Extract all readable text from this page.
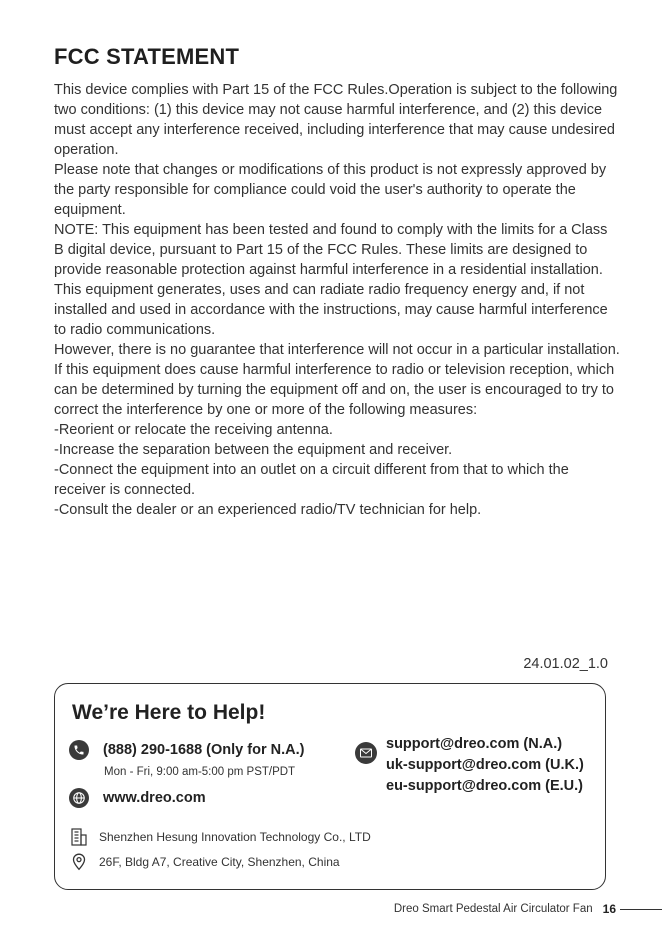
FCC STATEMENT

This device complies with Part 15 of the FCC Rules.Operation is subject to the following two conditions: (1) this device may not cause harmful interference, and (2) this device must accept any interference received, including interference that may cause undesired operation.

Please note that changes or modifications of this product is not expressly approved by the party responsible for compliance could void the user's authority to operate the equipment.

NOTE: This equipment has been tested and found to comply with the limits for a Class B digital device, pursuant to Part 15 of the FCC Rules. These limits are designed to provide reasonable protection against harmful interference in a residential installation. This equipment generates, uses and can radiate radio frequency energy and, if not installed and used in accordance with the instructions, may cause harmful interference to radio communications.

However, there is no guarantee that interference will not occur in a particular installation.

If this equipment does cause harmful interference to radio or television reception, which can be determined by turning the equipment off and on, the user is encouraged to try to correct the interference by one or more of the following measures:

-Reorient or relocate the receiving antenna.

-Increase the separation between the equipment and receiver.

-Connect the equipment into an outlet on a circuit different from that to which the receiver is connected.

-Consult the dealer or an experienced radio/TV technician for help.

24.01.02_1.0
We’re Here to Help!
(888) 290-1688 (Only for N.A.)
Mon - Fri, 9:00 am-5:00 pm PST/PDT
www.dreo.com
support@dreo.com (N.A.)
uk-support@dreo.com (U.K.)
eu-support@dreo.com (E.U.)
Shenzhen Hesung Innovation Technology Co., LTD
26F, Bldg A7, Creative City, Shenzhen, China
Dreo Smart Pedestal Air Circulator Fan 16
